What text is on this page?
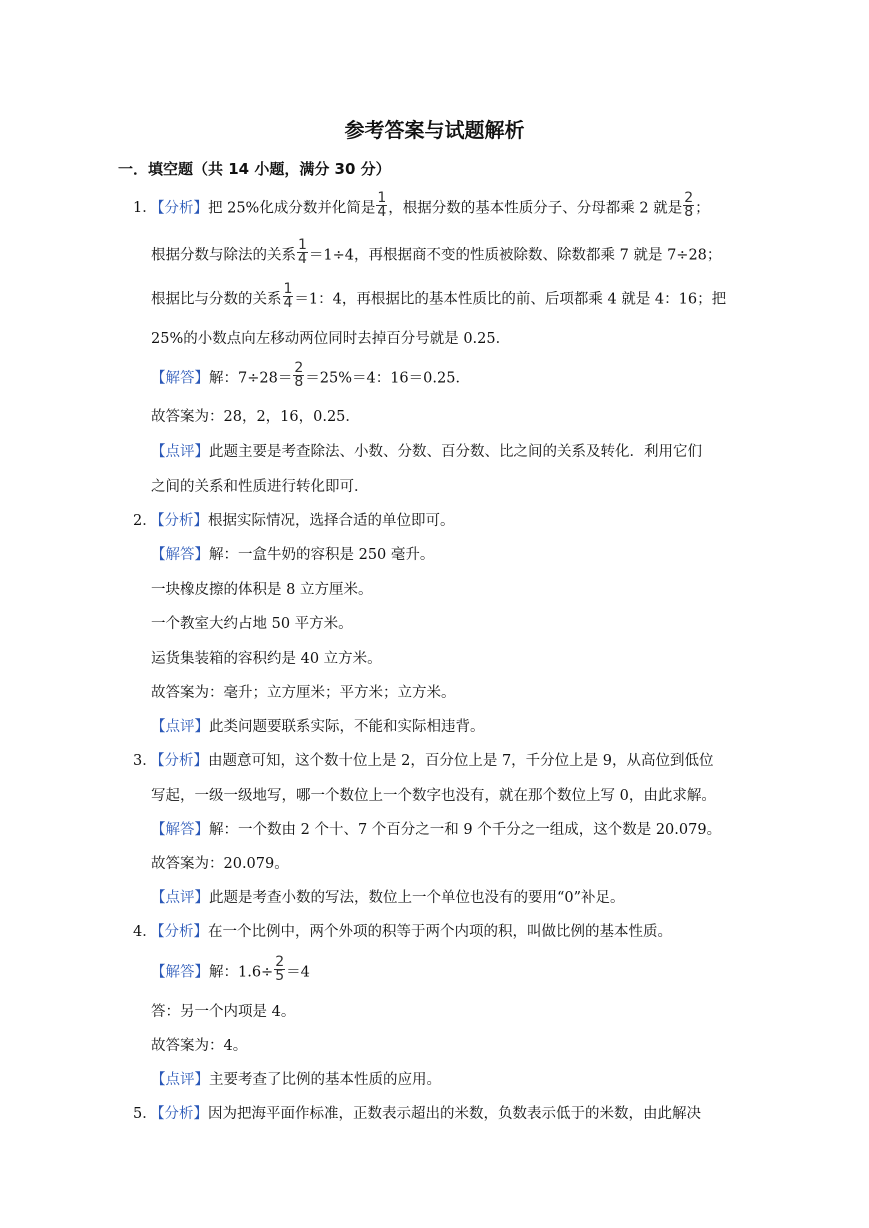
参考答案与试题解析
一．填空题（共 14 小题，满分 30 分）
1．
【分析】把 25%化成分数并化简是 $\frac{1}{4}$ ，根据分数的基本性质分子、分母都乘 2 就是 $\frac{2}{8}$ ；
根据分数与除法的关系 $\frac{1}{4} =1\div 4$，再根据商不变的性质被除数、除数都乘 7 就是 7÷28；
根据比与分数的关系 $\frac{1}{4} =1$：4，再根据比的基本性质比的前、后项都乘 4 就是 4：16；把
25%的小数点向左移动两位同时去掉百分号就是 0.25．
【解答】解：$7\div 28= \frac{2}{8} =25\%=4$：16＝0.25．
故答案为：28，2，16，0.25．
【点评】此题主要是考查除法、小数、分数、百分数、比之间的关系及转化．利用它们
之间的关系和性质进行转化即可．
2．
【分析】根据实际情况，选择合适的单位即可。
【解答】解：一盒牛奶的容积是 250 毫升。
一块橡皮擦的体积是 8 立方厘米。
一个教室大约占地 50 平方米。
运货集装箱的容积约是 40 立方米。
故答案为：毫升；立方厘米；平方米；立方米。
【点评】此类问题要联系实际，不能和实际相违背。
3．
【分析】由题意可知，这个数十位上是 2，百分位上是 7，千分位上是 9，从高位到低位
写起，一级一级地写，哪一个数位上一个数字也没有，就在那个数位上写 0，由此求解。
【解答】解：一个数由 2 个十、7 个百分之一和 9 个千分之一组成，这个数是 20.079。
故答案为：20.079。
【点评】此题是考查小数的写法，数位上一个单位也没有的要用“0”补足。
4．
【分析】在一个比例中，两个外项的积等于两个内项的积，叫做比例的基本性质。
【解答】解：$1.6\div \frac{2}{5} =4$
答：另一个内项是 4。
故答案为：4。
【点评】主要考查了比例的基本性质的应用。
5．
【分析】因为把海平面作标准，正数表示超出的米数，负数表示低于的米数，由此解决
